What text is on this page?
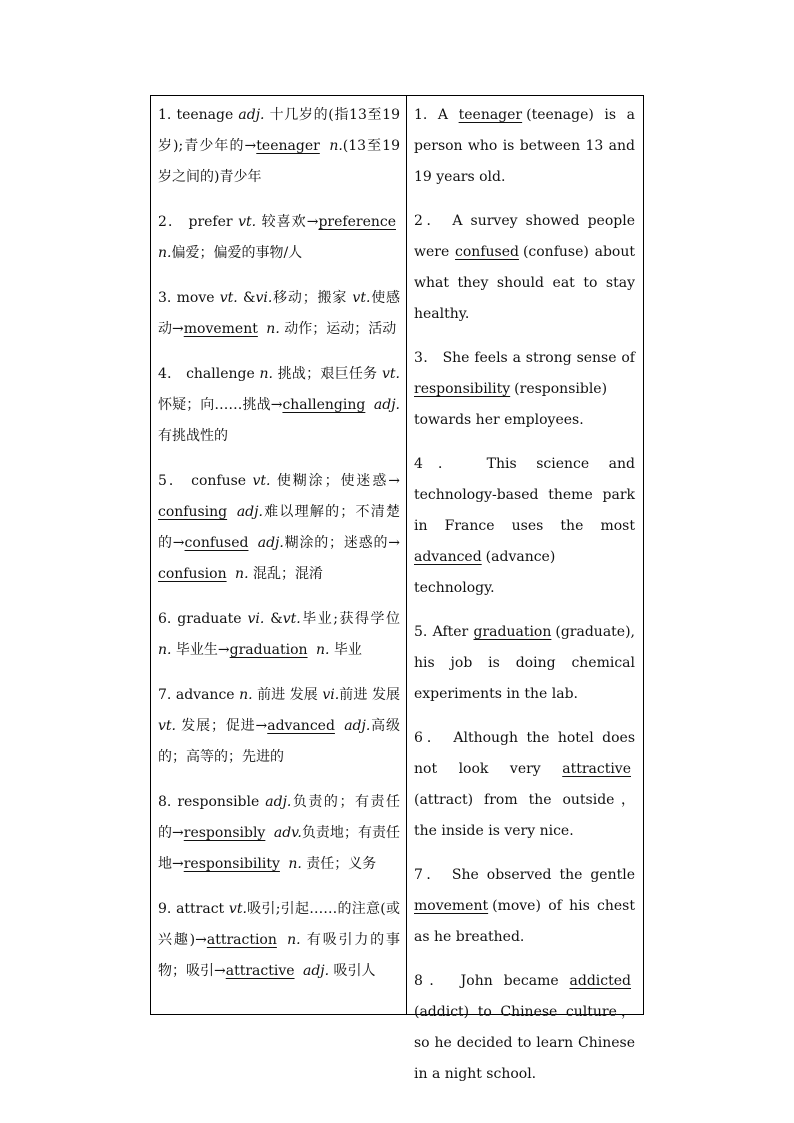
1. teenage adj. 十几岁的(指13至19岁);青少年的→teenager n.(13至19岁之间的)青少年
2． prefer vt. 较喜欢→preference n.偏爱；偏爱的事物/人
3. move vt. &vi.移动；搬家 vt.使感动→movement n. 动作；运动；活动
4． challenge n. 挑战；艰巨任务 vt.怀疑；向……挑战→challenging adj.有挑战性的
5． confuse vt. 使糊涂；使迷惑→confusing adj.难以理解的；不清楚的→confused adj.糊涂的；迷惑的→confusion n. 混乱；混淆
6. graduate vi. &vt.毕业;获得学位 n. 毕业生→graduation n. 毕业
7. advance n. 前进 发展 vi.前进 发展 vt. 发展；促进→advanced adj.高级的；高等的；先进的
8. responsible adj.负责的；有责任的→responsibly adv.负责地；有责任地→responsibility n. 责任；义务
9. attract vt.吸引;引起……的注意(或兴趣)→attraction n. 有吸引力的事物；吸引→attractive adj. 吸引人
1. A teenager (teenage) is a person who is between 13 and 19 years old.
2． A survey showed people were confused (confuse) about what they should eat to stay healthy.
3． She feels a strong sense of responsibility (responsible) towards her employees.
4． This science and technology-based theme park in France uses the most advanced (advance) technology.
5. After graduation (graduate), his job is doing chemical experiments in the lab.
6． Although the hotel does not look very attractive(attract) from the outside， the inside is very nice.
7． She observed the gentle movement (move) of his chest as he breathed.
8． John became addicted(addict) to Chinese culture， so he decided to learn Chinese in a night school.
